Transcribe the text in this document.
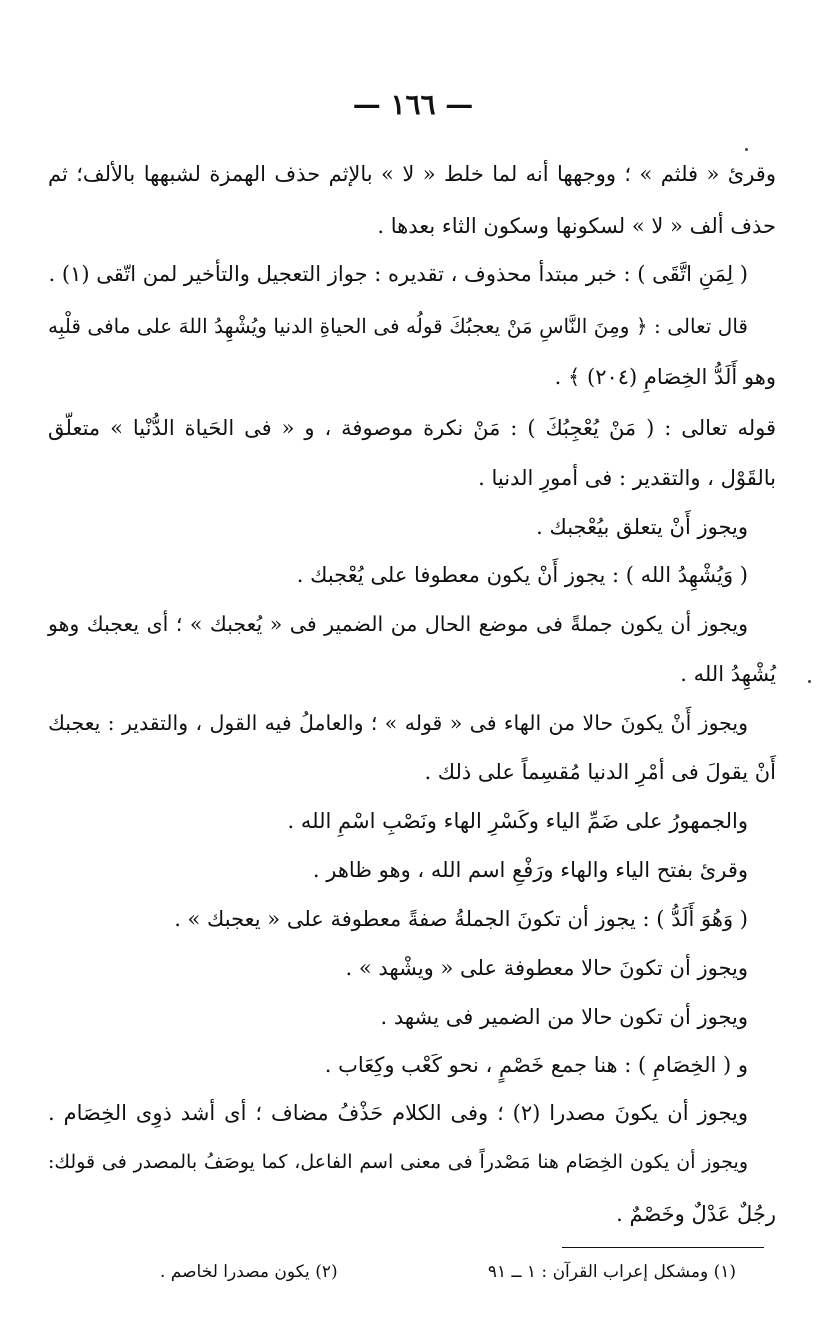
— ١٦٦ —
وقرئ « فلثم » ؛ ووجهها أنه لما خلط « لا » بالإثم حذف الهمزة لشبهها بالألف؛ ثم
حذف ألف « لا » لسكونها وسكون الثاء بعدها .
( لِمَنِ اتَّقَى ) : خبر مبتدأ محذوف ، تقديره : جواز التعجيل والتأخير لمن اتّقى (١) .
قال تعالى : ﴿ ومِنَ النَّاسِ مَنْ يعجبُكَ قولُه فى الحياةِ الدنيا ويُشْهِدُ اللهَ على مافى قلْبِه
وهو أَلَدُّ الخِصَامِ (٢٠٤) ﴾ .
قوله تعالى : ( مَنْ يُعْجِبُكَ ) : مَنْ نكرة موصوفة ، و « فى الحَياة الدُّنْيا » متعلّق
بالقَوْل ، والتقدير : فى أمورِ الدنيا .
ويجوز أَنْ يتعلق بيُعْجبك .
( وَيُشْهِدُ الله ) : يجوز أَنْ يكون معطوفا على يُعْجبك .
ويجوز أن يكون جملةً فى موضع الحال من الضمير فى « يُعجبك » ؛ أى يعجبك وهو
يُشْهِدُ الله .
ويجوز أَنْ يكونَ حالا من الهاء فى « قوله » ؛ والعاملُ فيه القول ، والتقدير : يعجبك
أَنْ يقولَ فى أمْرِ الدنيا مُقسِماً على ذلك .
والجمهورُ على ضَمِّ الياء وكَسْرِ الهاء ونَصْبِ اسْمِ الله .
وقرئ بفتح الياء والهاء ورَفْعِ اسم الله ، وهو ظاهر .
( وَهُوَ أَلَدُّ ) : يجوز أن تكونَ الجملةُ صفةً معطوفة على « يعجبك » .
ويجوز أن تكونَ حالا معطوفة على « ويشْهد » .
ويجوز أن تكون حالا من الضمير فى يشهد .
و ( الخِصَامِ ) : هنا جمع خَصْمٍ ، نحو كَعْب وكِعَاب .
ويجوز أن يكونَ مصدرا (٢) ؛ وفى الكلام حَذْفُ مضاف ؛ أى أشد ذوِى الخِصَام .
ويجوز أن يكون الخِصَام هنا مَصْدراً فى معنى اسم الفاعل، كما يوصَفُ بالمصدر فى قولك:
رجُلٌ عَدْلٌ وخَصْمٌ .
(١) ومشكل إعراب القرآن : ١ ــ ٩١
(٢) يكون مصدرا لخاصم .
